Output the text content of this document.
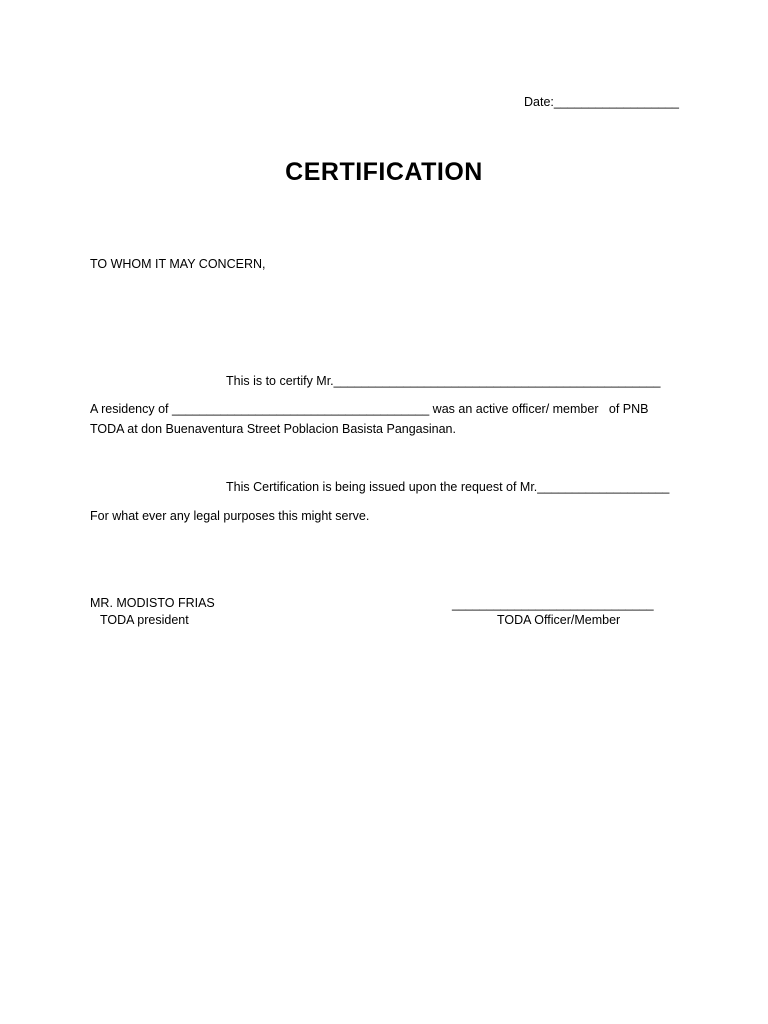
Date:__________________
CERTIFICATION
TO WHOM IT MAY CONCERN,
This is to certify Mr._______________________________________________
A residency of _____________________________________ was an active officer/ member   of PNB
TODA at don Buenaventura Street Poblacion Basista Pangasinan.
This Certification is being issued upon the request of Mr.___________________
For what ever any legal purposes this might serve.
MR. MODISTO FRIAS
TODA president
_____________________________
TODA Officer/Member
